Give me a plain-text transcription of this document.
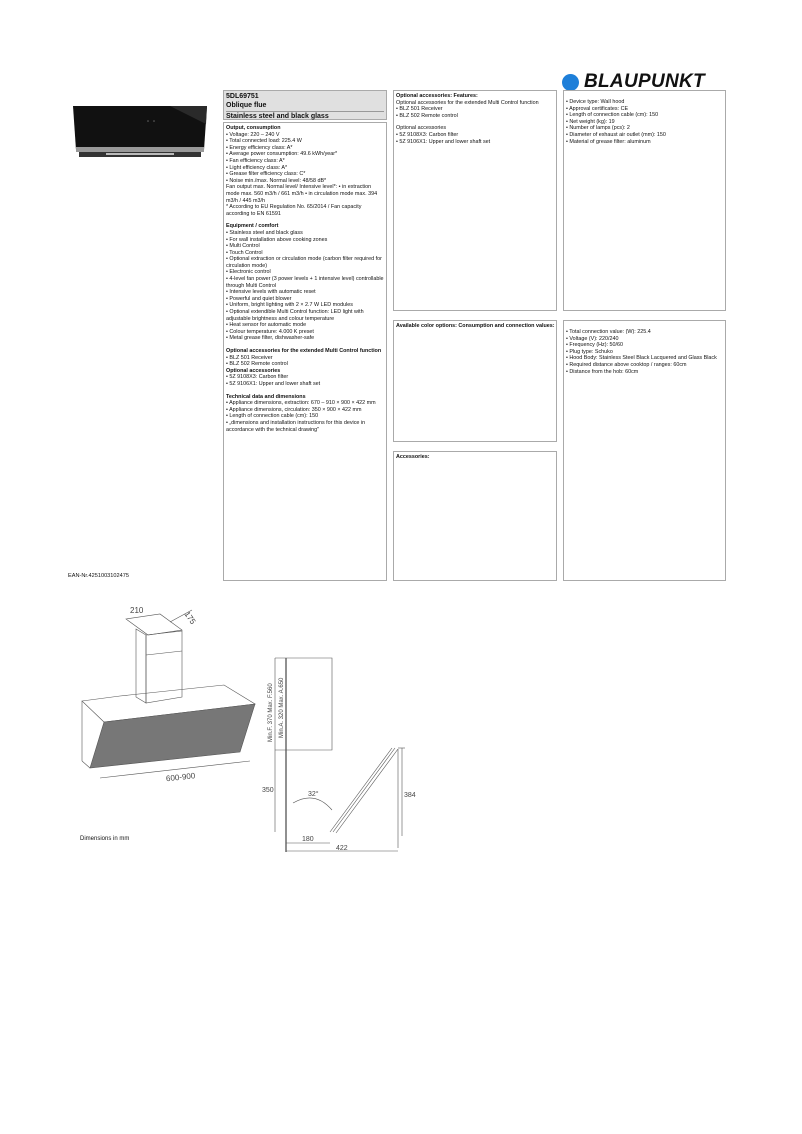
BLAUPUNKT
5DL69751
Oblique flue
Stainless steel and black glass
Output, consumption
• Voltage: 220 – 240 V
• Total connected load: 225.4 W
• Energy efficiency class: A*
• Average power consumption: 49.6 kWh/year*
• Fan efficiency class: A*
• Light efficiency class: A*
• Grease filter efficiency class: C*
• Noise min./max. Normal level: 48/58 dB*
Fan output max. Normal level/ Intensive level*: • in extraction mode max. 560 m3/h / 661 m3/h • in circulation mode max. 394 m3/h / 445 m3/h
* According to EU Regulation No. 65/2014 / Fan capacity according to EN 61591
Equipment / comfort
• Stainless steel and black glass
• For wall installation above cooking zones
• Multi Control
• Touch Control
• Optional extraction or circulation mode (carbon filter required for circulation mode)
• Electronic control
• 4-level fan power (3 power levels + 1 intensive level) controllable through Multi Control
• Intensive levels with automatic reset
• Powerful and quiet blower
• Uniform, bright lighting with 2 × 2.7 W LED modules
• Optional extendible Multi Control function: LED light with adjustable brightness and colour temperature
• Heat sensor for automatic mode
• Colour temperature: 4.000 K preset
• Metal grease filter, dishwasher-safe
Optional accessories for the extended Multi Control function
• BLZ 501 Receiver
• BLZ 502 Remote control
Optional accessories
• 5Z 9108X3: Carbon filter
• 5Z 9106X1: Upper and lower shaft set
Technical data and dimensions
• Appliance dimensions, extraction: 670 – 910 × 900 × 422 mm
• Appliance dimensions, circulation: 350 × 900 × 422 mm
• Length of connection cable (cm): 150
• „dimensions and installation instructions for this device in accordance with the technical drawing"
Optional accessories: Features:
Optional accessories for the extended Multi Control function
• BLZ 501 Receiver
• BLZ 502 Remote control
Optional accessories
• 5Z 9108X3: Carbon filter
• 5Z 9106X1: Upper and lower shaft set
• Device type: Wall hood
• Approval certificates: CE
• Length of connection cable (cm): 150
• Net weight (kg): 19
• Number of lamps (pcs): 2
• Diameter of exhaust air outlet (mm): 150
• Material of grease filter: aluminum
Available color options: Consumption and connection values:
• Total connection value: (W): 225.4
• Voltage (V): 220/240
• Frequency (Hz): 50/60
• Plug type: Schuko
• Hood Body: Stainless Steel Black Lacquered and Glass Black
• Required distance above cooktop / ranges: 60cm
• Distance from the hob: 60cm
Accessories:
EAN-Nr.4251003102475
210	175
600-900
350
32°	384
180
422
Min.F. 370 Max. F.560 Min.A. 320 Max. A.650
Dimensions in mm
